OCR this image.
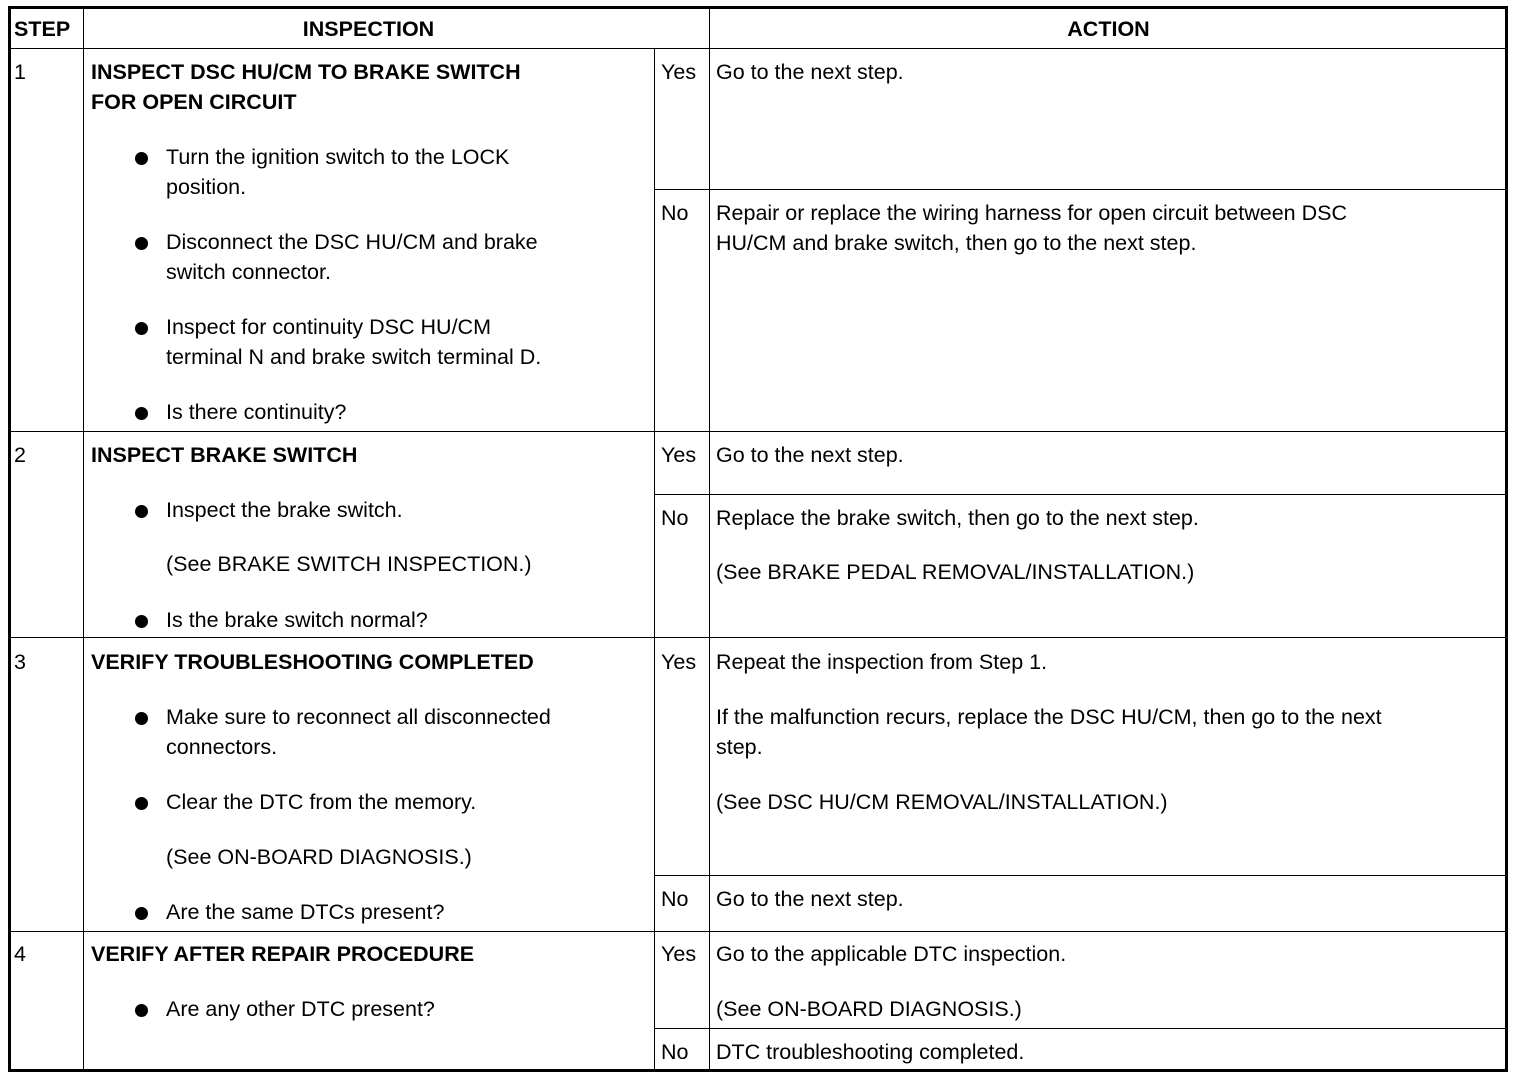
STEP	INSPECTION	ACTION
1	INSPECT DSC HU/CM TO BRAKE SWITCH
FOR OPEN CIRCUIT
Turn the ignition switch to the LOCK
position.
Disconnect the DSC HU/CM and brake
switch connector.
Inspect for continuity DSC HU/CM
terminal N and brake switch terminal D.
Is there continuity?
Yes Go to the next step.
No Repair or replace the wiring harness for open circuit between DSC
HU/CM and brake switch, then go to the next step.
2	INSPECT BRAKE SWITCH
Inspect the brake switch.
(See BRAKE SWITCH INSPECTION.)
Is the brake switch normal?
Yes Go to the next step.
No Replace the brake switch, then go to the next step.
(See BRAKE PEDAL REMOVAL/INSTALLATION.)
3	VERIFY TROUBLESHOOTING COMPLETED
Make sure to reconnect all disconnected
connectors.
Clear the DTC from the memory.
(See ON-BOARD DIAGNOSIS.)
Are the same DTCs present?
Yes Repeat the inspection from Step 1.
If the malfunction recurs, replace the DSC HU/CM, then go to the next
step.
(See DSC HU/CM REMOVAL/INSTALLATION.)
No Go to the next step.
4	VERIFY AFTER REPAIR PROCEDURE
Are any other DTC present?
Yes Go to the applicable DTC inspection.
(See ON-BOARD DIAGNOSIS.)
No DTC troubleshooting completed.
